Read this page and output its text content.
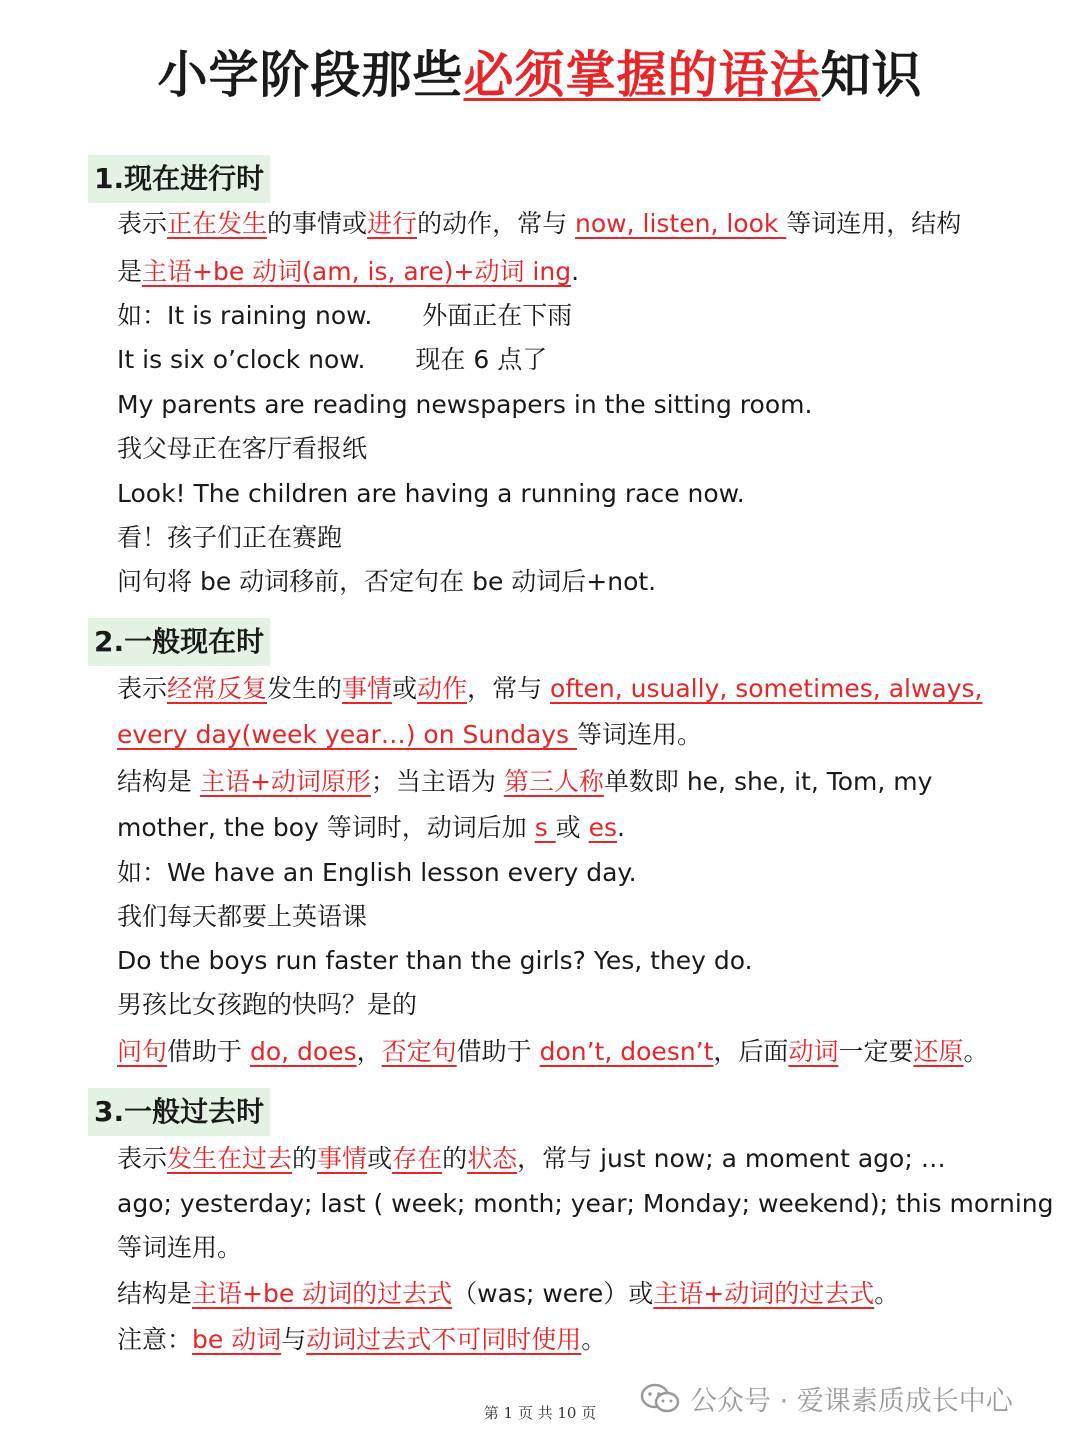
小学阶段那些必须掌握的语法知识
1.现在进行时
表示正在发生的事情或进行的动作，常与 now, listen, look 等词连用，结构
是主语+be 动词(am, is, are)+动词 ing.
如：It is raining now.　　外面正在下雨
It is six o’clock now.　　现在 6 点了
My parents are reading newspapers in the sitting room.
我父母正在客厅看报纸
Look! The children are having a running race now.
看！孩子们正在赛跑
问句将 be 动词移前，否定句在 be 动词后+not.
2.一般现在时
表示经常反复发生的事情或动作，常与 often, usually, sometimes, always,
every day(week year…) on Sundays 等词连用。
结构是 主语+动词原形；当主语为 第三人称单数即 he, she, it, Tom, my
mother, the boy 等词时，动词后加 s 或 es.
如：We have an English lesson every day.
我们每天都要上英语课
Do the boys run faster than the girls? Yes, they do.
男孩比女孩跑的快吗？是的
问句借助于 do, does，否定句借助于 don’t, doesn’t，后面动词一定要还原。
3.一般过去时
表示发生在过去的事情或存在的状态，常与 just now; a moment ago; …
ago; yesterday; last ( week; month; year; Monday; weekend); this morning
等词连用。
结构是主语+be 动词的过去式（was; were）或主语+动词的过去式。
注意：be 动词与动词过去式不可同时使用。
第 1 页 共 10 页	公众号 · 爱课素质成长中心
